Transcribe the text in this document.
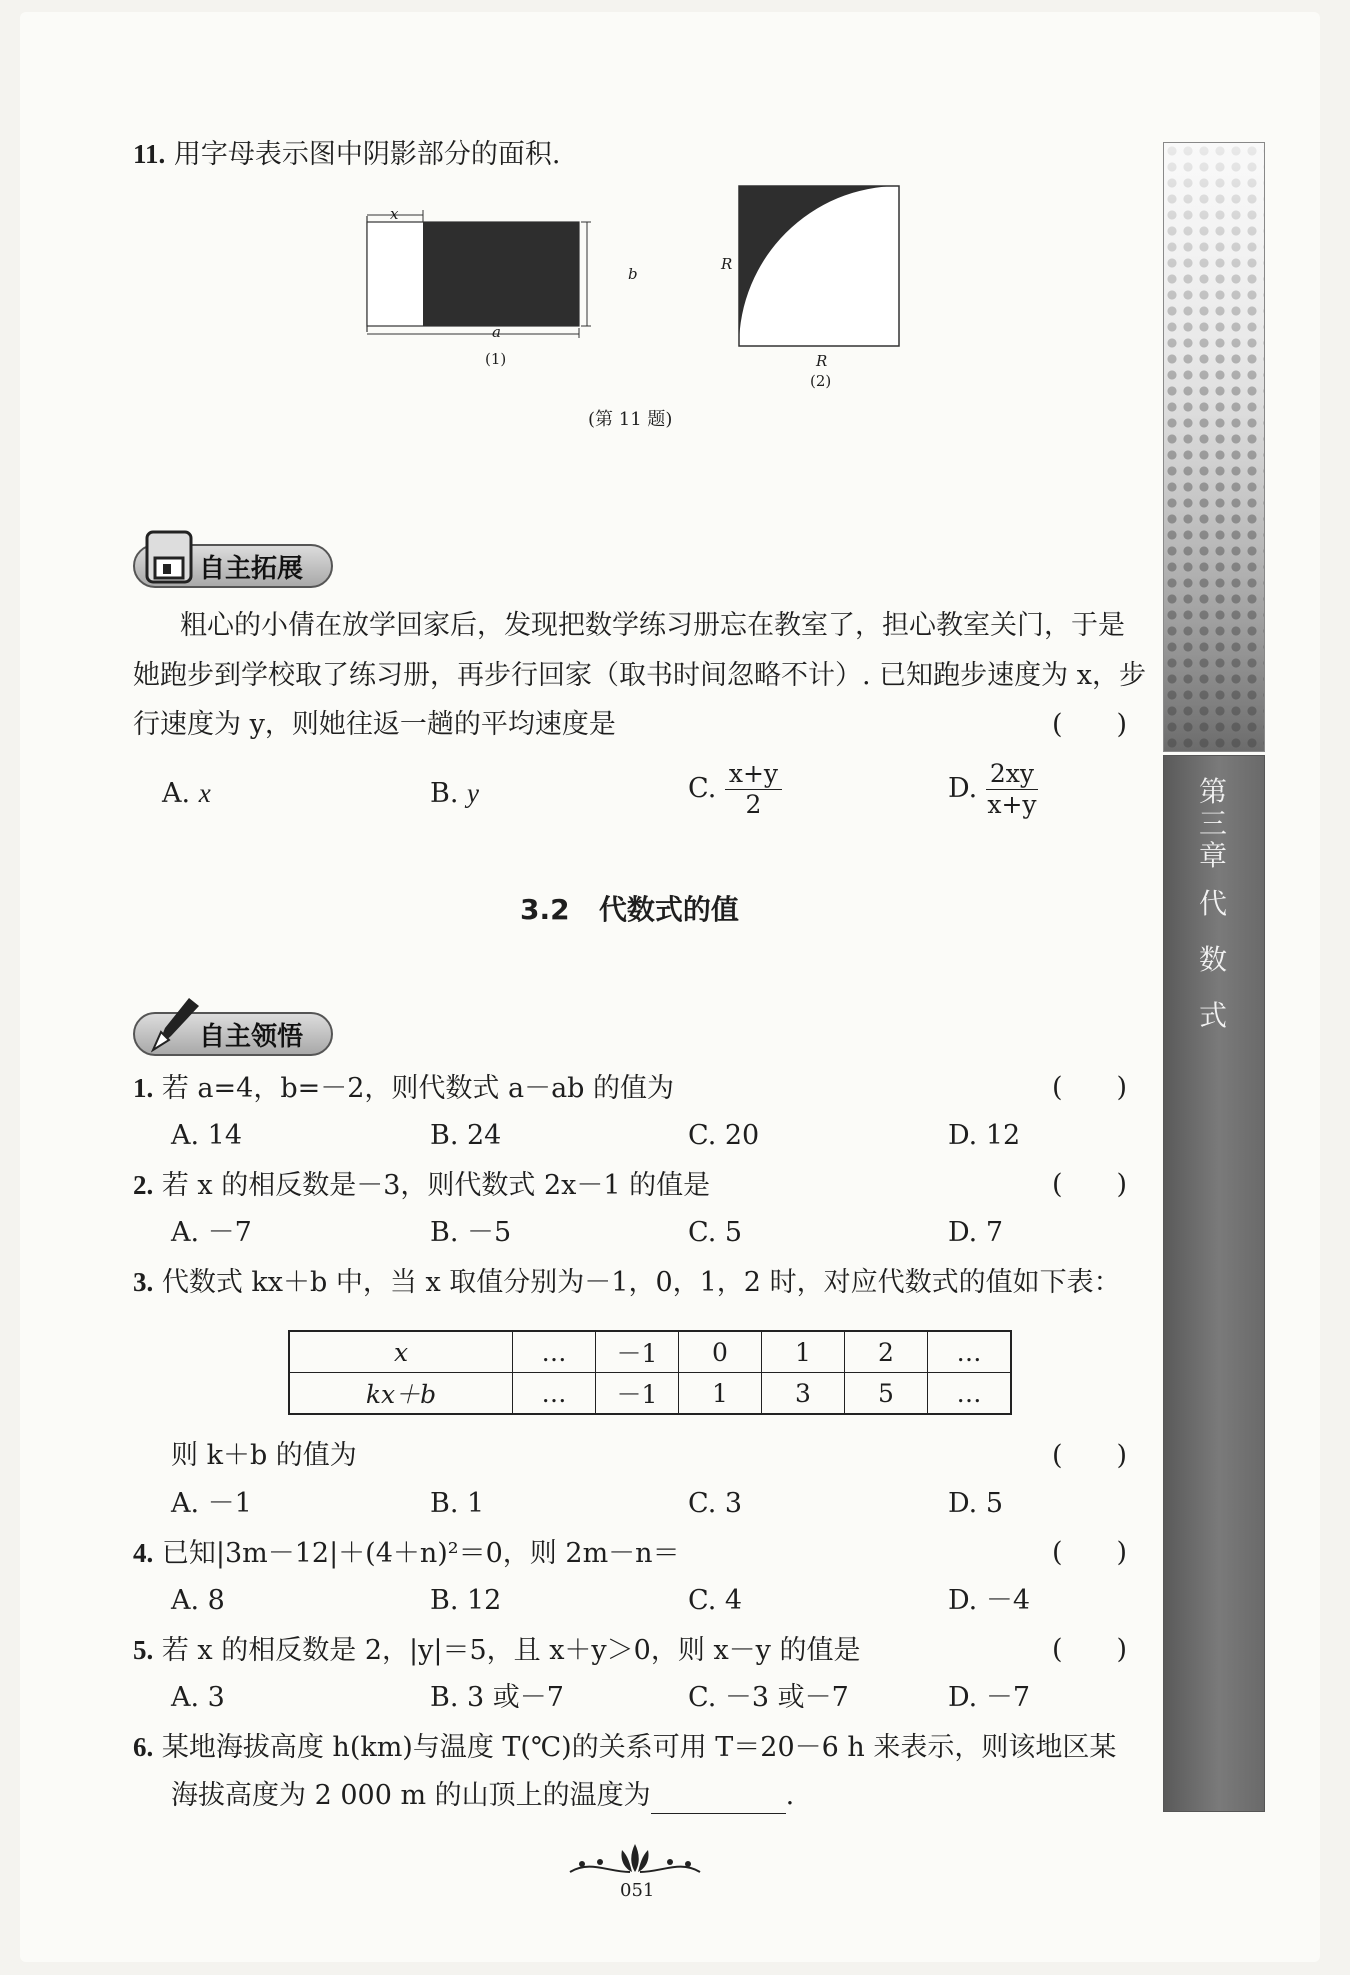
11. 用字母表示图中阴影部分的面积.
x
a
b
(1)
R
R
(2)
(第 11 题)
自主拓展
粗心的小倩在放学回家后，发现把数学练习册忘在教室了，担心教室关门，于是
她跑步到学校取了练习册，再步行回家（取书时间忽略不计）. 已知跑步速度为 x，步
行速度为 y，则她往返一趟的平均速度是	(　　)
A. x	B. y	C. $\frac{x+y}{2}$	D. $\frac{2xy}{x+y}$
3.2 代数式的值
自主领悟
1. 若 a=4，b=－2，则代数式 a－ab 的值为	(　　)
A. 14	B. 24	C. 20	D. 12
2. 若 x 的相反数是－3，则代数式 2x－1 的值是	(　　)
A. －7	B. －5	C. 5	D. 7
3. 代数式 kx＋b 中，当 x 取值分别为－1，0，1，2 时，对应代数式的值如下表：
x	…	－1	0	1	2	…
kx＋b	…	－1	1	3	5	…
则 k＋b 的值为	(　　)
A. －1	B. 1	C. 3	D. 5
4. 已知|3m－12|＋(4＋n)²＝0，则 2m－n＝	(　　)
A. 8	B. 12	C. 4	D. －4
5. 若 x 的相反数是 2，|y|＝5，且 x＋y＞0，则 x－y 的值是	(　　)
A. 3	B. 3 或－7	C. －3 或－7	D. －7
6. 某地海拔高度 h(km)与温度 T(℃)的关系可用 T＝20－6 h 来表示，则该地区某
海拔高度为 2 000 m 的山顶上的温度为	.
第
三
章
代
数
式
051
